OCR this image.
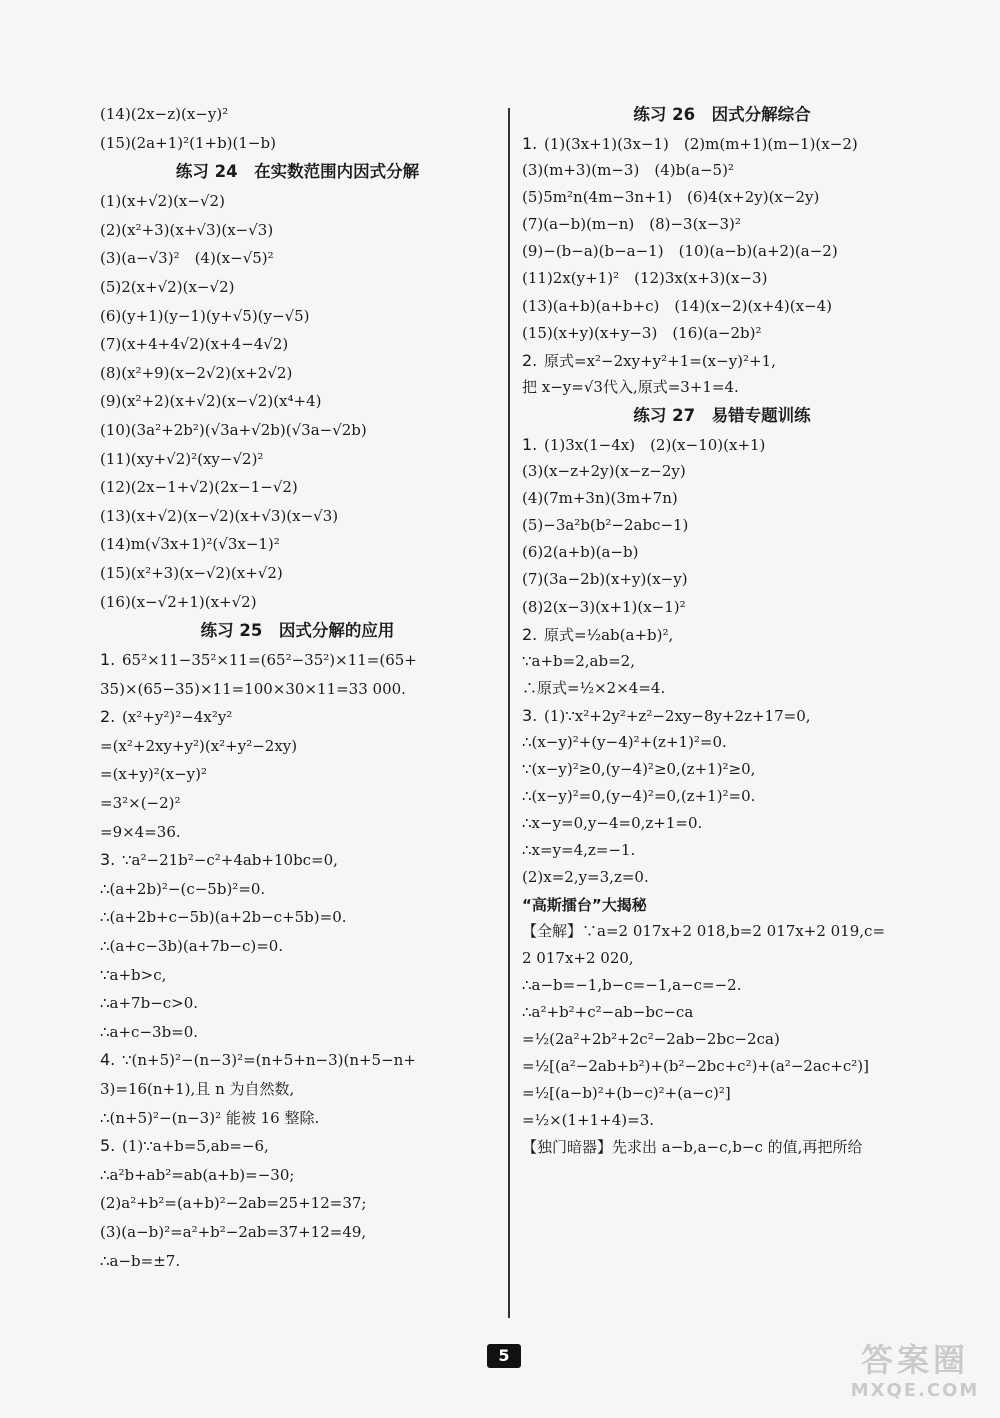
(14)(2x−z)(x−y)²
(15)(2a+1)²(1+b)(1−b)
练习 24　在实数范围内因式分解
(1)(x+√2)(x−√2)
(2)(x²+3)(x+√3)(x−√3)
(3)(a−√3)²　(4)(x−√5)²
(5)2(x+√2)(x−√2)
(6)(y+1)(y−1)(y+√5)(y−√5)
(7)(x+4+4√2)(x+4−4√2)
(8)(x²+9)(x−2√2)(x+2√2)
(9)(x²+2)(x+√2)(x−√2)(x⁴+4)
(10)(3a²+2b²)(√3a+√2b)(√3a−√2b)
(11)(xy+√2)²(xy−√2)²
(12)(2x−1+√2)(2x−1−√2)
(13)(x+√2)(x−√2)(x+√3)(x−√3)
(14)m(√3x+1)²(√3x−1)²
(15)(x²+3)(x−√2)(x+√2)
(16)(x−√2+1)(x+√2)
练习 25　因式分解的应用
1. 65²×11−35²×11=(65²−35²)×11=(65+
35)×(65−35)×11=100×30×11=33 000.
2. (x²+y²)²−4x²y²
=(x²+2xy+y²)(x²+y²−2xy)
=(x+y)²(x−y)²
=3²×(−2)²
=9×4=36.
3. ∵a²−21b²−c²+4ab+10bc=0,
∴(a+2b)²−(c−5b)²=0.
∴(a+2b+c−5b)(a+2b−c+5b)=0.
∴(a+c−3b)(a+7b−c)=0.
∵a+b>c,
∴a+7b−c>0.
∴a+c−3b=0.
4. ∵(n+5)²−(n−3)²=(n+5+n−3)(n+5−n+
3)=16(n+1),且 n 为自然数,
∴(n+5)²−(n−3)² 能被 16 整除.
5. (1)∵a+b=5,ab=−6,
∴a²b+ab²=ab(a+b)=−30;
(2)a²+b²=(a+b)²−2ab=25+12=37;
(3)(a−b)²=a²+b²−2ab=37+12=49,
∴a−b=±7.
练习 26　因式分解综合
1. (1)(3x+1)(3x−1)　(2)m(m+1)(m−1)(x−2)
(3)(m+3)(m−3)　(4)b(a−5)²
(5)5m²n(4m−3n+1)　(6)4(x+2y)(x−2y)
(7)(a−b)(m−n)　(8)−3(x−3)²
(9)−(b−a)(b−a−1)　(10)(a−b)(a+2)(a−2)
(11)2x(y+1)²　(12)3x(x+3)(x−3)
(13)(a+b)(a+b+c)　(14)(x−2)(x+4)(x−4)
(15)(x+y)(x+y−3)　(16)(a−2b)²
2. 原式=x²−2xy+y²+1=(x−y)²+1,
把 x−y=√3代入,原式=3+1=4.
练习 27　易错专题训练
1. (1)3x(1−4x)　(2)(x−10)(x+1)
(3)(x−z+2y)(x−z−2y)
(4)(7m+3n)(3m+7n)
(5)−3a²b(b²−2abc−1)
(6)2(a+b)(a−b)
(7)(3a−2b)(x+y)(x−y)
(8)2(x−3)(x+1)(x−1)²
2. 原式=½ab(a+b)²,
∵a+b=2,ab=2,
∴原式=½×2×4=4.
3. (1)∵x²+2y²+z²−2xy−8y+2z+17=0,
∴(x−y)²+(y−4)²+(z+1)²=0.
∵(x−y)²≥0,(y−4)²≥0,(z+1)²≥0,
∴(x−y)²=0,(y−4)²=0,(z+1)²=0.
∴x−y=0,y−4=0,z+1=0.
∴x=y=4,z=−1.
(2)x=2,y=3,z=0.
“高斯擂台”大揭秘
【全解】∵a=2 017x+2 018,b=2 017x+2 019,c=
2 017x+2 020,
∴a−b=−1,b−c=−1,a−c=−2.
∴a²+b²+c²−ab−bc−ca
=½(2a²+2b²+2c²−2ab−2bc−2ca)
=½[(a²−2ab+b²)+(b²−2bc+c²)+(a²−2ac+c²)]
=½[(a−b)²+(b−c)²+(a−c)²]
=½×(1+1+4)=3.
【独门暗器】先求出 a−b,a−c,b−c 的值,再把所给
5	答案圈
MXQE.COM
